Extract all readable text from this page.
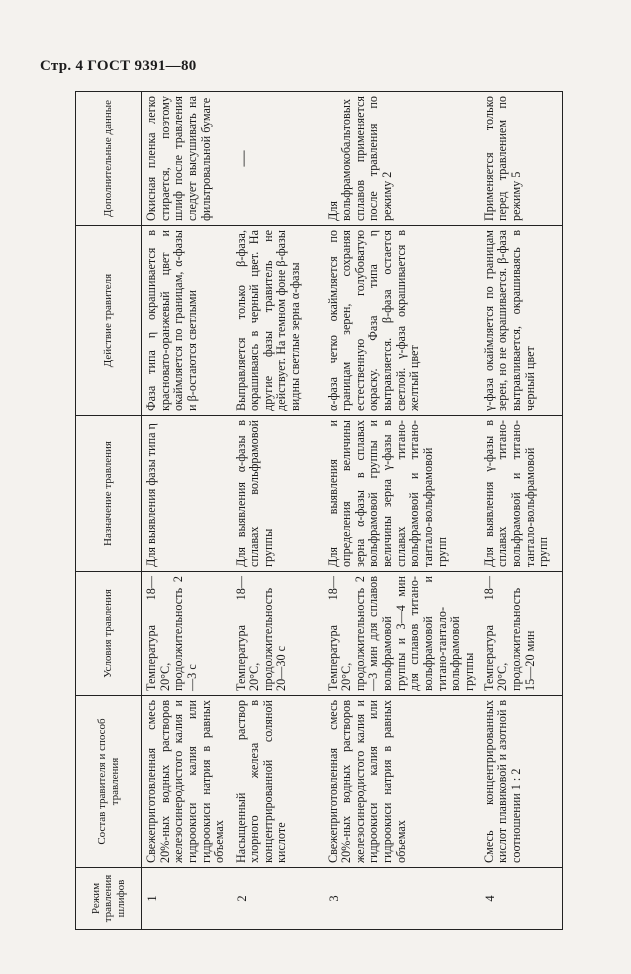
Стр. 4 ГОСТ 9391—80
Режим травления шлифов	Состав травителя и способ травления	Условия травления	Назначение травления	Действие травителя	Дополнительные данные
1	Свежеприготовленная смесь 20%-ных водных растворов железосинеродистого калия и гидроокиси калия или гидроокиси натрия в равных объемах	Температура 18—20°С, продолжительность 2—3 с	Для выявления фазы типа η	Фаза типа η окрашивается в красновато-оранжевый цвет и окаймляется по границам, α-фазы и β-остаются светлыми	Окисная пленка легко стирается, поэтому шлиф после травления следует высушивать на фильтровальной бумаге
2	Насыщенный раствор хлорного железа в концентрированной соляной кислоте	Температура 18—20°С, продолжительность 20—30 с	Для выявления α-фазы в сплавах вольфрамовой группы	Выправляется только β-фаза, окрашиваясь в черный цвет. На другие фазы травитель не действует. На темном фоне β-фазы видны светлые зерна α-фазы	—
3	Свежеприготовленная смесь 20%-ных водных растворов железосинеродистого калия и гидроокиси калия или гидроокиси натрия в равных объемах	Температура 18—20°С, продолжительность 2—3 мин для сплавов вольфрамовой группы и 3—4 мин для сплавов титано-вольфрамовой и титано-тантало-вольфрамовой группы	Для выявления и определения величины зерна α-фазы в сплавах вольфрамовой группы и величины зерна γ-фазы в сплавах титано-вольфрамовой и титано-тантало-вольфрамовой групп	α-фаза четко окаймляется по границам зерен, сохраняя естественную голубоватую окраску. Фаза типа η вытравляется. β-фаза остается светлой. γ-фаза окрашивается в желтый цвет	Для вольфрамокобальтовых сплавов применяется после травления по режиму 2
4	Смесь концентрированных кислот плавиковой и азотной в соотношении 1 : 2	Температура 18—20°С, продолжительность 15—20 мин	Для выявления γ-фазы в сплавах титано-вольфрамовой и титано-тантало-вольфрамовой групп	γ-фаза окаймляется по границам зерен, но не окрашивается. β-фаза вытравливается, окрашиваясь в черный цвет	Применяется только перед травлением по режиму 5
